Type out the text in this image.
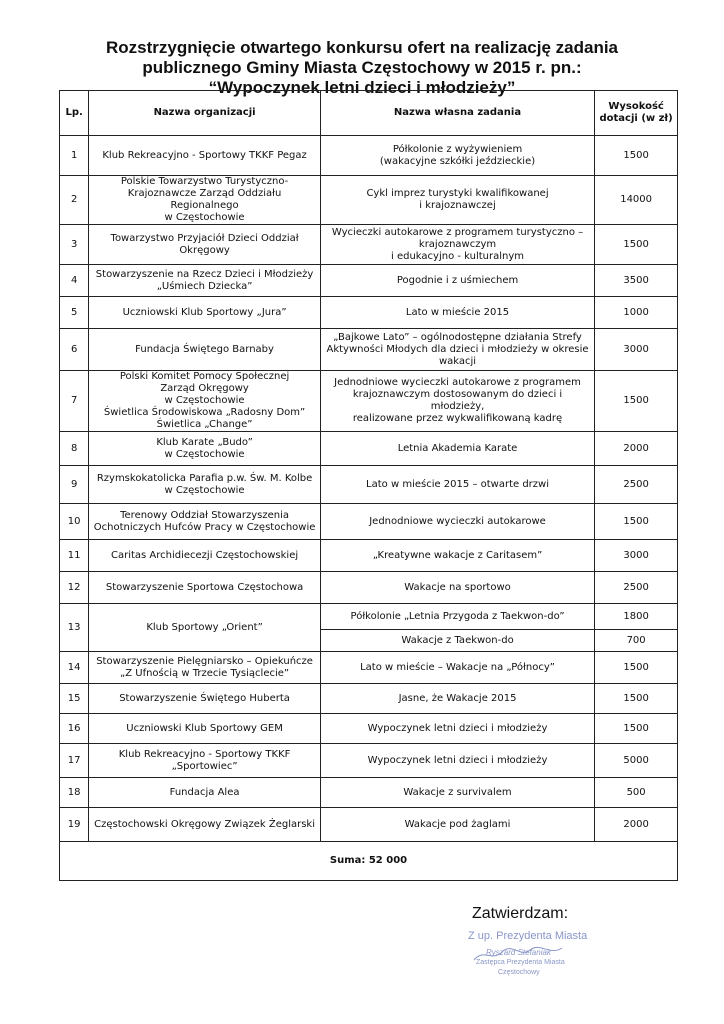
Rozstrzygnięcie otwartego konkursu ofert na realizację zadania
publicznego Gminy Miasta Częstochowy w 2015 r. pn.:
“Wypoczynek letni dzieci i młodzieży”
Lp.	Nazwa organizacji	Nazwa własna zadania	Wysokość
dotacji (w zł)
1	Klub Rekreacyjno - Sportowy TKKF Pegaz	Półkolonie z wyżywieniem
(wakacyjne szkółki jeździeckie)	1500
2	Polskie Towarzystwo Turystyczno-
Krajoznawcze Zarząd Oddziału Regionalnego
w Częstochowie	Cykl imprez turystyki kwalifikowanej
i krajoznawczej	14000
3	Towarzystwo Przyjaciół Dzieci Oddział
Okręgowy	Wycieczki autokarowe z programem turystyczno –
krajoznawczym
i edukacyjno - kulturalnym	1500
4	Stowarzyszenie na Rzecz Dzieci i Młodzieży
„Uśmiech Dziecka”	Pogodnie i z uśmiechem	3500
5	Uczniowski Klub Sportowy „Jura”	Lato w mieście 2015	1000
6	Fundacja Świętego Barnaby	„Bajkowe Lato” – ogólnodostępne działania Strefy
Aktywności Młodych dla dzieci i młodzieży w okresie
wakacji	3000
7	Polski Komitet Pomocy Społecznej
Zarząd Okręgowy
w Częstochowie
Świetlica Środowiskowa „Radosny Dom”
Świetlica „Change”	Jednodniowe wycieczki autokarowe z programem
krajoznawczym dostosowanym do dzieci i młodzieży,
realizowane przez wykwalifikowaną kadrę	1500
8	Klub Karate „Budo”
w Częstochowie	Letnia Akademia Karate	2000
9	Rzymskokatolicka Parafia p.w. Św. M. Kolbe
w Częstochowie	Lato w mieście 2015 – otwarte drzwi	2500
10	Terenowy Oddział Stowarzyszenia
Ochotniczych Hufców Pracy w Częstochowie	Jednodniowe wycieczki autokarowe	1500
11	Caritas Archidiecezji Częstochowskiej	„Kreatywne wakacje z Caritasem”	3000
12	Stowarzyszenie Sportowa Częstochowa	Wakacje na sportowo	2500
13	Klub Sportowy „Orient”	Półkolonie „Letnia Przygoda z Taekwon-do”	1800
		Wakacje z Taekwon-do	700
14	Stowarzyszenie Pielęgniarsko – Opiekuńcze
„Z Ufnością w Trzecie Tysiąclecie”	Lato w mieście – Wakacje na „Północy”	1500
15	Stowarzyszenie Świętego Huberta	Jasne, że Wakacje 2015	1500
16	Uczniowski Klub Sportowy GEM	Wypoczynek letni dzieci i młodzieży	1500
17	Klub Rekreacyjno - Sportowy TKKF
„Sportowiec”	Wypoczynek letni dzieci i młodzieży	5000
18	Fundacja Alea	Wakacje z survivalem	500
19	Częstochowski Okręgowy Związek Żeglarski	Wakacje pod żaglami	2000
Suma: 52 000			
Zatwierdzam:
Z up. Prezydenta Miasta
Ryszard Stefaniak
Zastępca Prezydenta Miasta
Częstochowy
